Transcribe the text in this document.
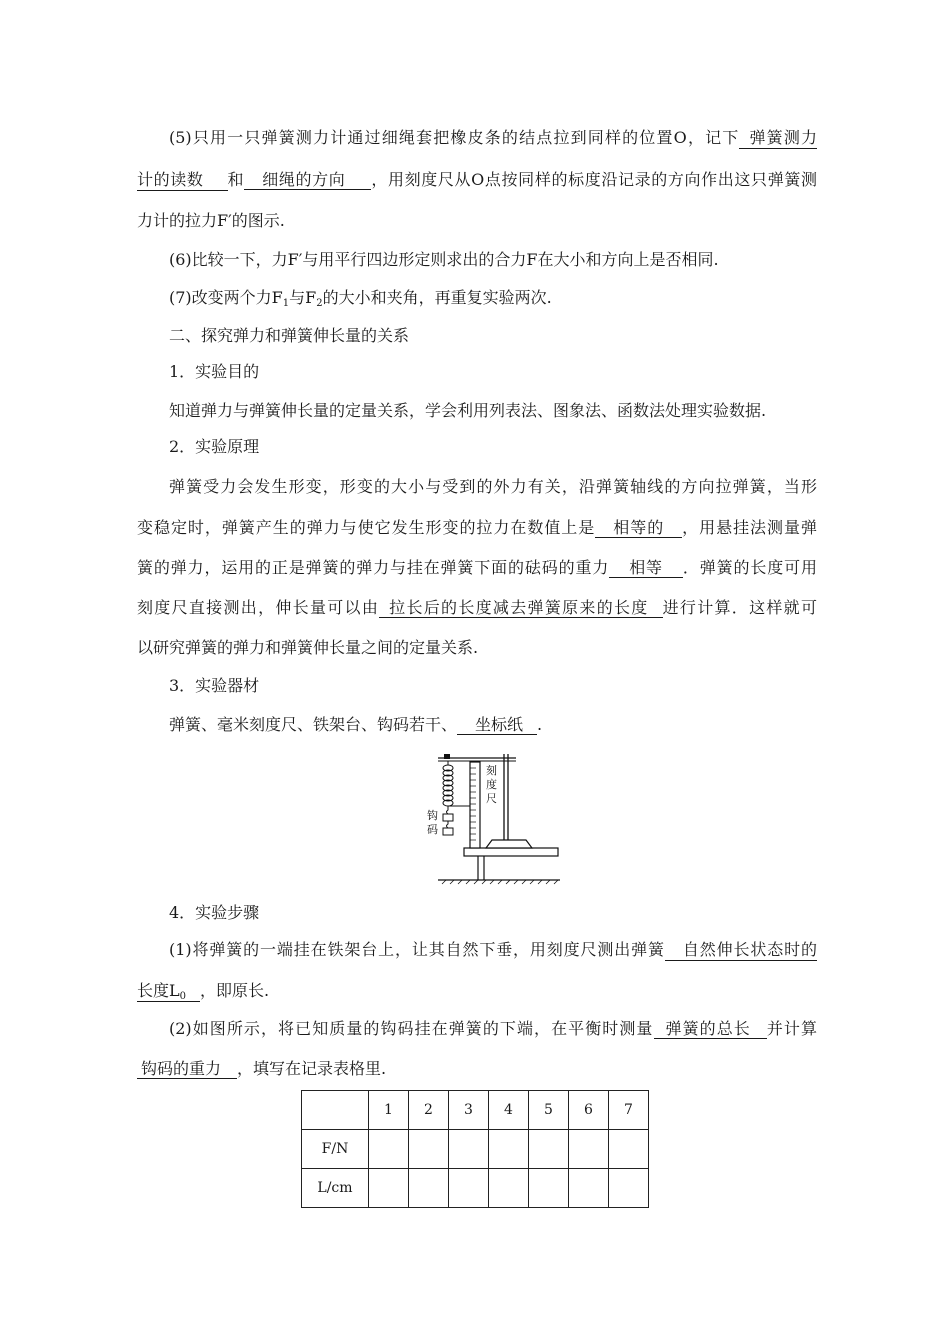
(5)只用一只弹簧测力计通过细绳套把橡皮条的结点拉到同样的位置O，记下 弹簧测力
计的读数 和 细绳的方向 ，用刻度尺从O点按同样的标度沿记录的方向作出这只弹簧测
力计的拉力F′的图示.
(6)比较一下，力F′与用平行四边形定则求出的合力F在大小和方向上是否相同.
(7)改变两个力$F_1$与$F_2$的大小和夹角，再重复实验两次.
二、探究弹力和弹簧伸长量的关系
1．实验目的
知道弹力与弹簧伸长量的定量关系，学会利用列表法、图象法、函数法处理实验数据.
2．实验原理
弹簧受力会发生形变，形变的大小与受到的外力有关，沿弹簧轴线的方向拉弹簧，当形
变稳定时，弹簧产生的弹力与使它发生形变的拉力在数值上是 相等的 ，用悬挂法测量弹
簧的弹力，运用的正是弹簧的弹力与挂在弹簧下面的砝码的重力 相等 ．弹簧的长度可用
刻度尺直接测出，伸长量可以由 拉长后的长度减去弹簧原来的长度 进行计算．这样就可
以研究弹簧的弹力和弹簧伸长量之间的定量关系.
3．实验器材
弹簧、毫米刻度尺、铁架台、钩码若干、 坐标纸 .
刻
度
尺
钩
码
4．实验步骤
(1)将弹簧的一端挂在铁架台上，让其自然下垂，用刻度尺测出弹簧 自然伸长状态时的
长度$L_0$ ，即原长.
(2)如图所示，将已知质量的钩码挂在弹簧的下端，在平衡时测量 弹簧的总长 并计算
钩码的重力 ，填写在记录表格里.
	1	2	3	4	5	6	7
F/N							
L/cm							
